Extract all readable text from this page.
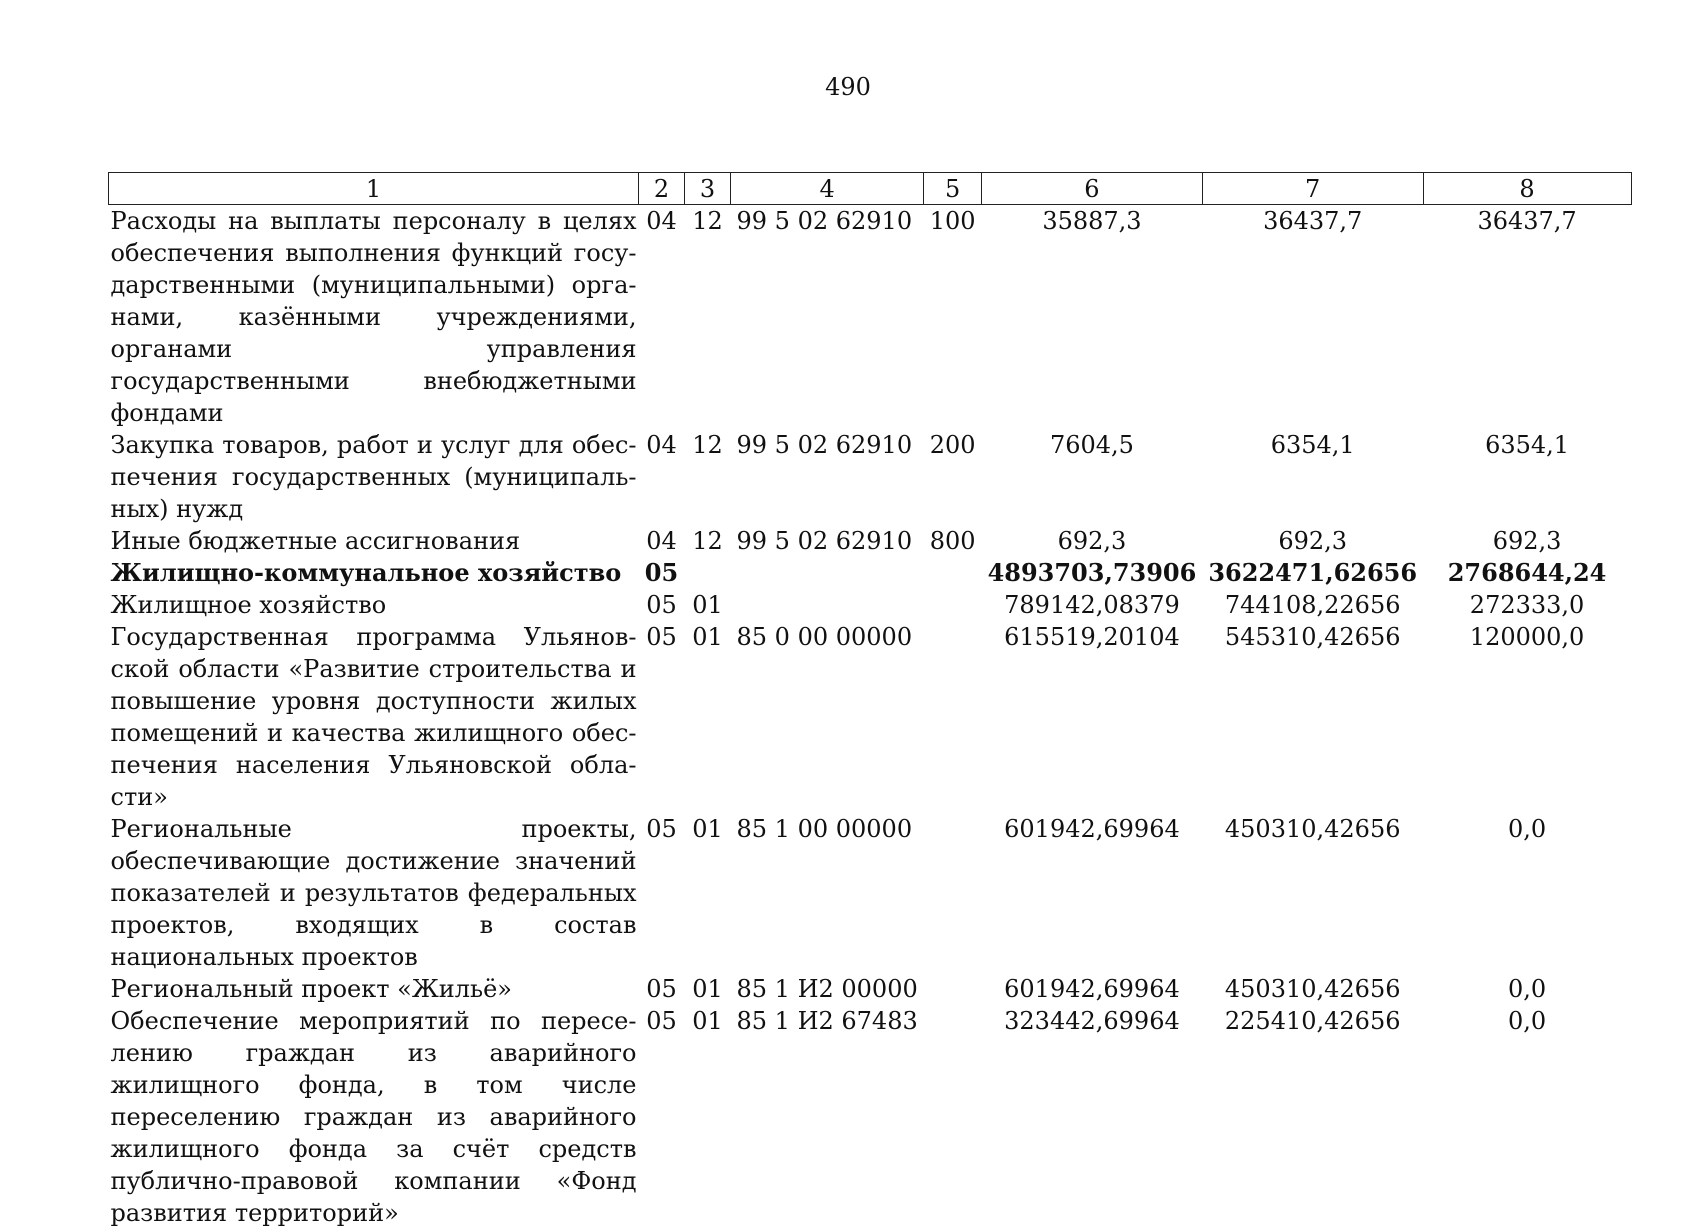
490
1	2	3	4	5	6	7	8
Расходы на выплаты персоналу в целях обеспечения выполнения функций государственными (муниципальными) органами, казёнными учреждениями, органами управления государственными внебюджетными фондами	04	12	99 5 02 62910	100	35887,3	36437,7	36437,7
Закупка товаров, работ и услуг для обеспечения государственных (муниципальных) нужд	04	12	99 5 02 62910	200	7604,5	6354,1	6354,1
Иные бюджетные ассигнования	04	12	99 5 02 62910	800	692,3	692,3	692,3
Жилищно-коммунальное хозяйство	05				4893703,73906	3622471,62656	2768644,24
Жилищное хозяйство	05	01			789142,08379	744108,22656	272333,0
Государственная программа Ульяновской области «Развитие строительства и повышение уровня доступности жилых помещений и качества жилищного обеспечения населения Ульяновской области»	05	01	85 0 00 00000		615519,20104	545310,42656	120000,0
Региональные проекты, обеспечивающие достижение значений показателей и результатов федеральных проектов, входящих в состав национальных проектов	05	01	85 1 00 00000		601942,69964	450310,42656	0,0
Региональный проект «Жильё»	05	01	85 1 И2 00000		601942,69964	450310,42656	0,0
Обеспечение мероприятий по переселению граждан из аварийного жилищного фонда, в том числе переселению граждан из аварийного жилищного фонда за счёт средств публично-правовой компании «Фонд развития территорий»	05	01	85 1 И2 67483		323442,69964	225410,42656	0,0
